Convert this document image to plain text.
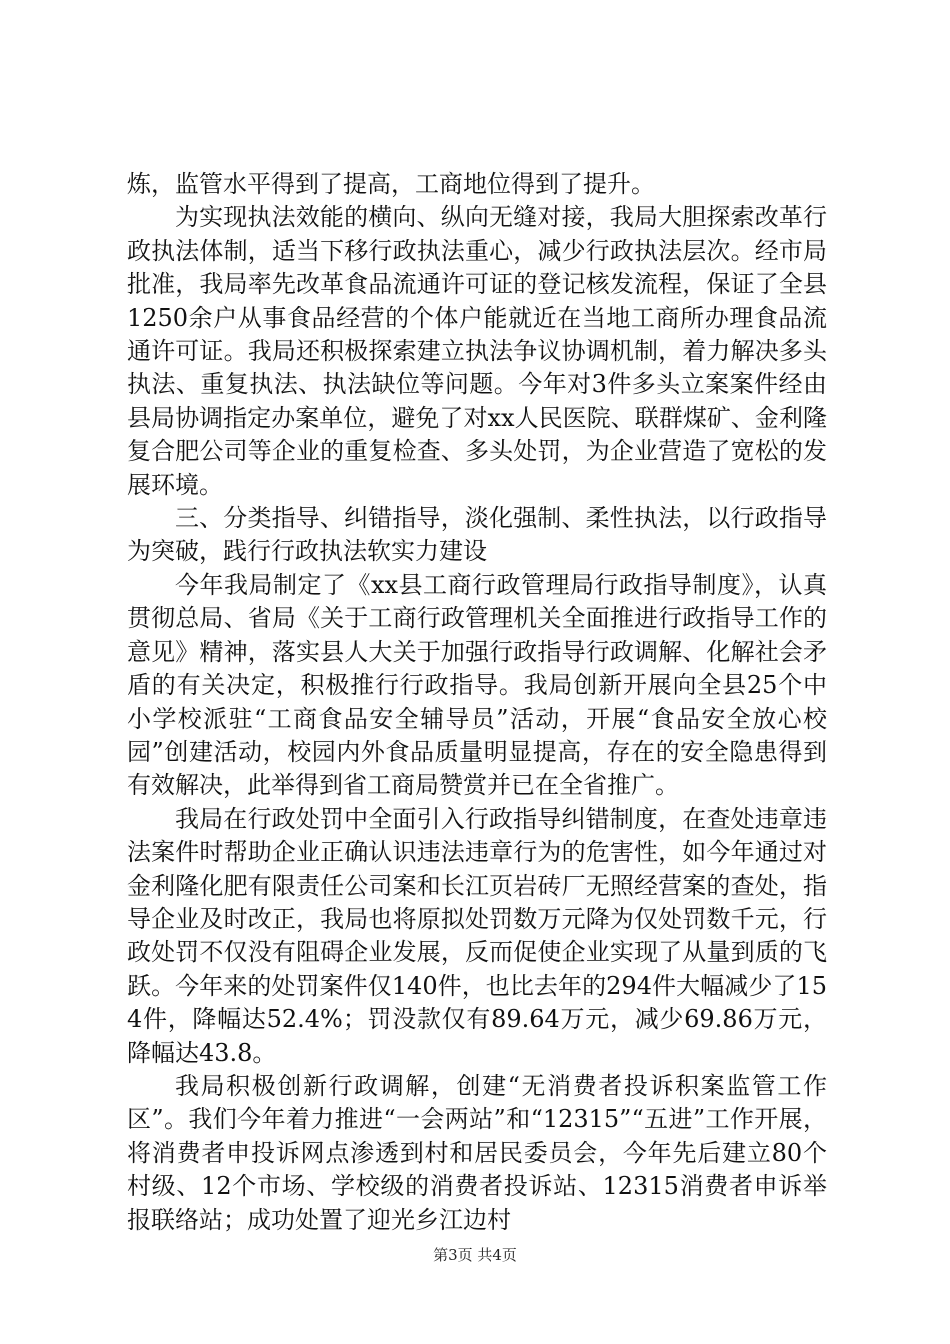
炼，监管水平得到了提高，工商地位得到了提升。

为实现执法效能的横向、纵向无缝对接，我局大胆探索改革行政执法体制，适当下移行政执法重心，减少行政执法层次。经市局批准，我局率先改革食品流通许可证的登记核发流程，保证了全县1250余户从事食品经营的个体户能就近在当地工商所办理食品流通许可证。我局还积极探索建立执法争议协调机制，着力解决多头执法、重复执法、执法缺位等问题。今年对3件多头立案案件经由县局协调指定办案单位，避免了对xx人民医院、联群煤矿、金利隆复合肥公司等企业的重复检查、多头处罚，为企业营造了宽松的发展环境。

三、分类指导、纠错指导，淡化强制、柔性执法，以行政指导为突破，践行行政执法软实力建设

今年我局制定了《xx县工商行政管理局行政指导制度》，认真贯彻总局、省局《关于工商行政管理机关全面推进行政指导工作的意见》精神，落实县人大关于加强行政指导行政调解、化解社会矛盾的有关决定，积极推行行政指导。我局创新开展向全县25个中小学校派驻“工商食品安全辅导员”活动，开展“食品安全放心校园”创建活动，校园内外食品质量明显提高，存在的安全隐患得到有效解决，此举得到省工商局赞赏并已在全省推广。

我局在行政处罚中全面引入行政指导纠错制度，在查处违章违法案件时帮助企业正确认识违法违章行为的危害性，如今年通过对金利隆化肥有限责任公司案和长江页岩砖厂无照经营案的查处，指导企业及时改正，我局也将原拟处罚数万元降为仅处罚数千元，行政处罚不仅没有阻碍企业发展，反而促使企业实现了从量到质的飞跃。今年来的处罚案件仅140件，也比去年的294件大幅减少了154件，降幅达52.4%；罚没款仅有89.64万元，减少69.86万元，降幅达43.8。

我局积极创新行政调解，创建“无消费者投诉积案监管工作区”。我们今年着力推进“一会两站”和“12315”“五进”工作开展，将消费者申投诉网点渗透到村和居民委员会，今年先后建立80个村级、12个市场、学校级的消费者投诉站、12315消费者申诉举报联络站；成功处置了迎光乡江边村

第3页 共4页
